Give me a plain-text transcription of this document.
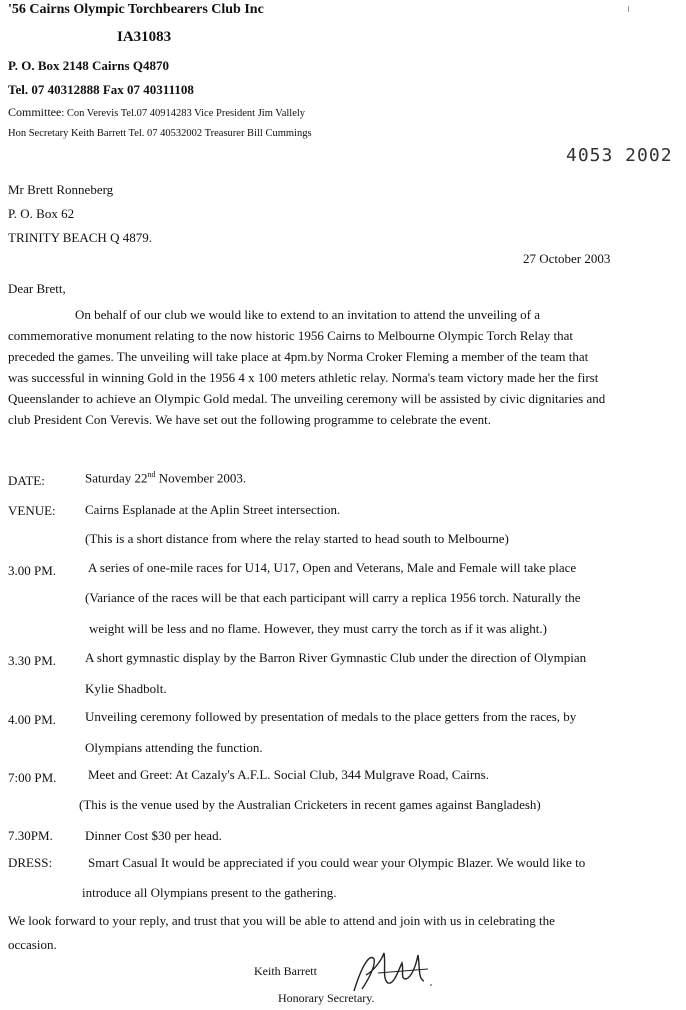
'56 Cairns Olympic Torchbearers Club Inc
IA31083
P. O. Box 2148 Cairns Q4870
Tel. 07 40312888 Fax 07 40311108
Committee: Con Verevis Tel.07 40914283 Vice President Jim Vallely
Hon Secretary Keith Barrett Tel. 07 40532002 Treasurer Bill Cummings
4053 2002
Mr Brett Ronneberg
P. O. Box 62
TRINITY BEACH Q 4879.
27 October 2003
Dear Brett,
On behalf of our club we would like to extend to an invitation to attend the unveiling of a
commemorative monument relating to the now historic 1956 Cairns to Melbourne Olympic Torch Relay that
preceded the games. The unveiling will take place at 4pm.by Norma Croker Fleming a member of the team that
was successful in winning Gold in the 1956 4 x 100 meters athletic relay. Norma's team victory made her the first
Queenslander to achieve an Olympic Gold medal. The unveiling ceremony will be assisted by civic dignitaries and
club President Con Verevis. We have set out the following programme to celebrate the event.
DATE:	Saturday 22nd November 2003.
VENUE: Cairns Esplanade at the Aplin Street intersection.
(This is a short distance from where the relay started to head south to Melbourne)
3.00 PM. A series of one-mile races for U14, U17, Open and Veterans, Male and Female will take place
(Variance of the races will be that each participant will carry a replica 1956 torch. Naturally the
weight will be less and no flame. However, they must carry the torch as if it was alight.)
3.30 PM. A short gymnastic display by the Barron River Gymnastic Club under the direction of Olympian
Kylie Shadbolt.
4.00 PM. Unveiling ceremony followed by presentation of medals to the place getters from the races, by
Olympians attending the function.
7:00 PM. Meet and Greet: At Cazaly's A.F.L. Social Club, 344 Mulgrave Road, Cairns.
(This is the venue used by the Australian Cricketers in recent games against Bangladesh)
7.30PM. Dinner Cost $30 per head.
DRESS:	Smart Casual It would be appreciated if you could wear your Olympic Blazer. We would like to
introduce all Olympians present to the gathering.
We look forward to your reply, and trust that you will be able to attend and join with us in celebrating the
occasion.
Keith Barrett
Honorary Secretary.
